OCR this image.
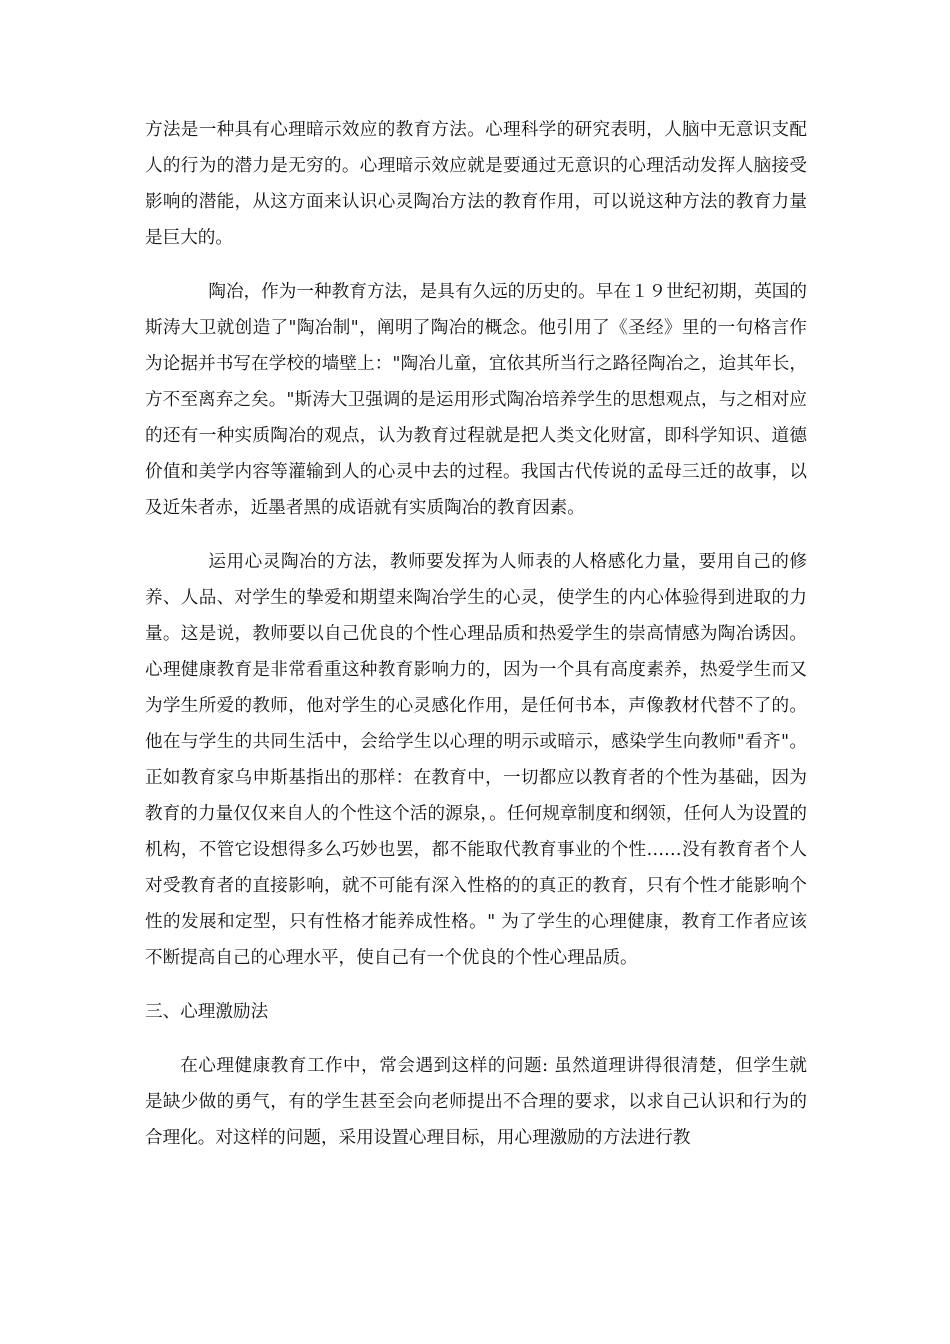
方法是一种具有心理暗示效应的教育方法。心理科学的研究表明，人脑中无意识支配人的行为的潜力是无穷的。心理暗示效应就是要通过无意识的心理活动发挥人脑接受影响的潜能，从这方面来认识心灵陶冶方法的教育作用，可以说这种方法的教育力量是巨大的。

陶冶，作为一种教育方法，是具有久远的历史的。早在１９世纪初期，英国的斯涛大卫就创造了"陶冶制"，阐明了陶冶的概念。他引用了《圣经》里的一句格言作为论据并书写在学校的墙壁上："陶冶儿童，宜依其所当行之路径陶冶之，迨其年长，方不至离弃之矣。"斯涛大卫强调的是运用形式陶冶培养学生的思想观点，与之相对应的还有一种实质陶冶的观点，认为教育过程就是把人类文化财富，即科学知识、道德价值和美学内容等灌输到人的心灵中去的过程。我国古代传说的孟母三迁的故事，以及近朱者赤，近墨者黑的成语就有实质陶冶的教育因素。

运用心灵陶冶的方法，教师要发挥为人师表的人格感化力量，要用自己的修养、人品、对学生的挚爱和期望来陶冶学生的心灵，使学生的内心体验得到进取的力量。这是说，教师要以自己优良的个性心理品质和热爱学生的崇高情感为陶冶诱因。心理健康教育是非常看重这种教育影响力的，因为一个具有高度素养，热爱学生而又为学生所爱的教师，他对学生的心灵感化作用，是任何书本，声像教材代替不了的。他在与学生的共同生活中，会给学生以心理的明示或暗示，感染学生向教师"看齐"。正如教育家乌申斯基指出的那样：在教育中，一切都应以教育者的个性为基础，因为教育的力量仅仅来自人的个性这个活的源泉，。任何规章制度和纲领，任何人为设置的机构，不管它设想得多么巧妙也罢，都不能取代教育事业的个性……没有教育者个人对受教育者的直接影响，就不可能有深入性格的的真正的教育，只有个性才能影响个性的发展和定型，只有性格才能养成性格。" 为了学生的心理健康，教育工作者应该不断提高自己的心理水平，使自己有一个优良的个性心理品质。

三、心理激励法

在心理健康教育工作中，常会遇到这样的问题: 虽然道理讲得很清楚，但学生就是缺少做的勇气，有的学生甚至会向老师提出不合理的要求，以求自己认识和行为的合理化。对这样的问题，采用设置心理目标，用心理激励的方法进行教
